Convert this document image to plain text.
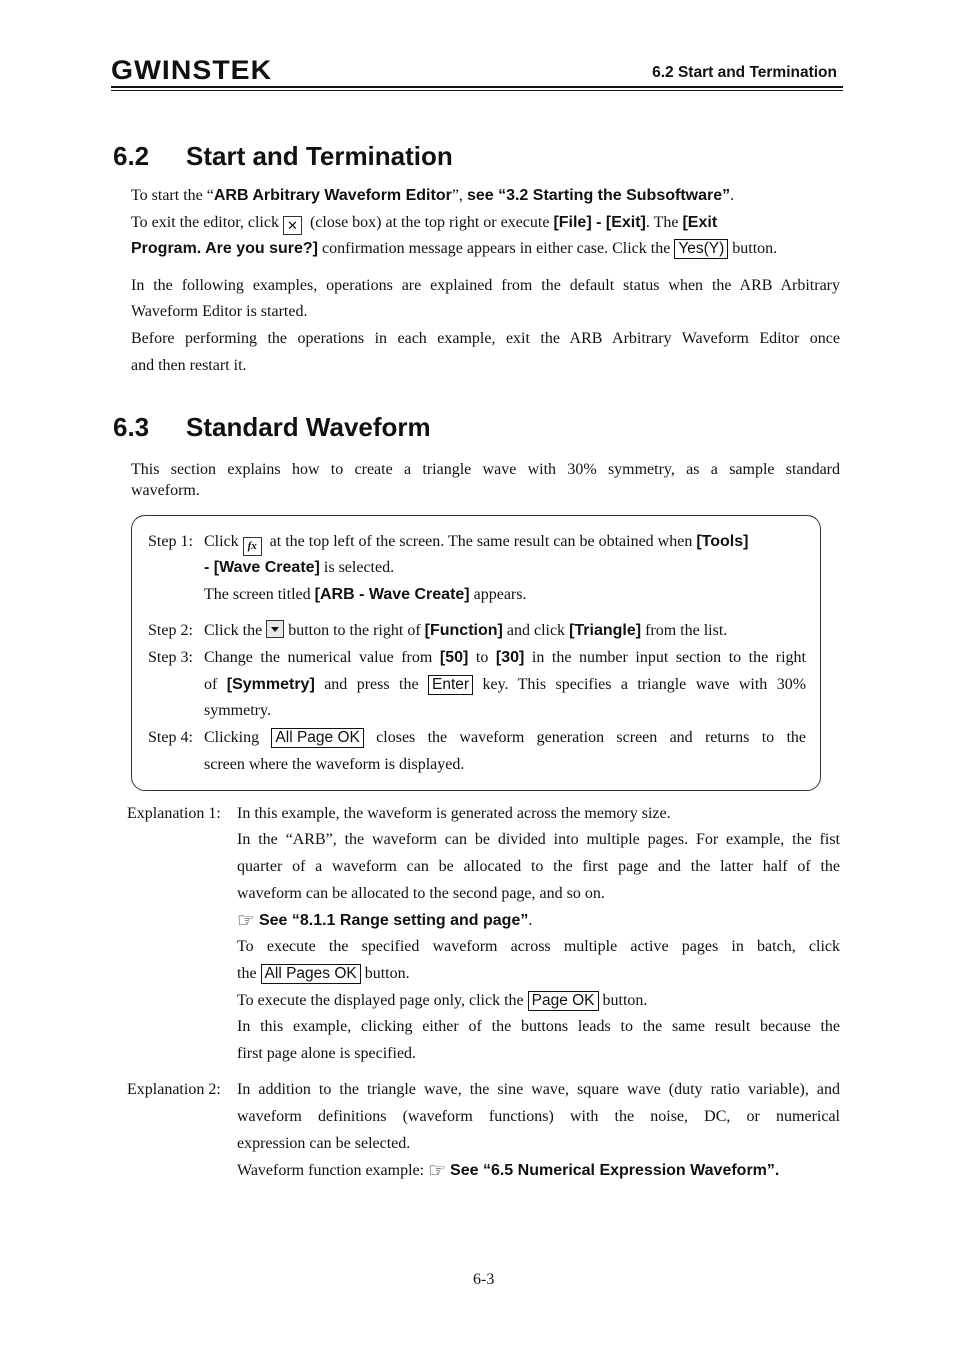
GWINSTEK	6.2 Start and Termination
6.2 Start and Termination
To start the “ARB Arbitrary Waveform Editor”, see “3.2 Starting the Subsoftware”.
To exit the editor, click ✕ (close box) at the top right or execute [File] - [Exit]. The [Exit
Program. Are you sure?] confirmation message appears in either case. Click the Yes(Y) button.
In the following examples, operations are explained from the default status when the ARB Arbitrary
Waveform Editor is started.
Before performing the operations in each example, exit the ARB Arbitrary Waveform Editor once
and then restart it.
6.3 Standard Waveform
This section explains how to create a triangle wave with 30% symmetry, as a sample standard
waveform.
Step 1: Click fx at the top left of the screen. The same result can be obtained when [Tools]
- [Wave Create] is selected.
The screen titled [ARB - Wave Create] appears.
Step 2: Click the button to the right of [Function] and click [Triangle] from the list.
Step 3: Change the numerical value from [50] to [30] in the number input section to the right
of [Symmetry] and press the Enter key. This specifies a triangle wave with 30%
symmetry.
Step 4: Clicking All Page OK closes the waveform generation screen and returns to the
screen where the waveform is displayed.
Explanation 1: In this example, the waveform is generated across the memory size.
In the “ARB”, the waveform can be divided into multiple pages. For example, the fist
quarter of a waveform can be allocated to the first page and the latter half of the
waveform can be allocated to the second page, and so on.
☞ See “8.1.1 Range setting and page”.
To execute the specified waveform across multiple active pages in batch, click
the All Pages OK button.
To execute the displayed page only, click the Page OK button.
In this example, clicking either of the buttons leads to the same result because the
first page alone is specified.
Explanation 2: In addition to the triangle wave, the sine wave, square wave (duty ratio variable), and
waveform definitions (waveform functions) with the noise, DC, or numerical
expression can be selected.
Waveform function example: ☞ See “6.5 Numerical Expression Waveform”.
6-3
